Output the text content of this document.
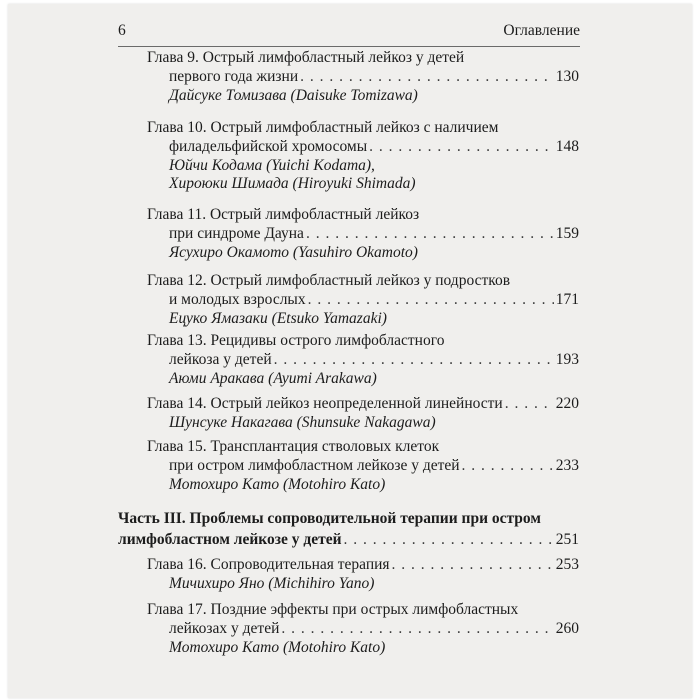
6	Оглавление
Глава 9. Острый лимфобластный лейкоз у детей
первого года жизни . . .	130
Дайсуке Томизава (Daisuke Tomizawa)
Глава 10. Острый лимфобластный лейкоз с наличием
филадельфийской хромосомы . . .	148
Юйчи Кодама (Yuichi Kodama),
Хироюки Шимада (Hiroyuki Shimada)
Глава 11. Острый лимфобластный лейкоз
при синдроме Дауна . . .	159
Ясухиро Окамото (Yasuhiro Okamoto)
Глава 12. Острый лимфобластный лейкоз у подростков
и молодых взрослых . . .	171
Ецуко Ямазаки (Etsuko Yamazaki)
Глава 13. Рецидивы острого лимфобластного
лейкоза у детей . . .	193
Аюми Аракава (Ayumi Arakawa)
Глава 14. Острый лейкоз неопределенной линейности . . .	220
Шунсуке Накагава (Shunsuke Nakagawa)
Глава 15. Трансплантация стволовых клеток
при остром лимфобластном лейкозе у детей . . .	233
Мотохиро Като (Motohiro Kato)
Часть III. Проблемы сопроводительной терапии при остром
лимфобластном лейкозе у детей . . .	251
Глава 16. Сопроводительная терапия . . .	253
Мичихиро Яно (Michihiro Yano)
Глава 17. Поздние эффекты при острых лимфобластных
лейкозах у детей . . .	260
Мотохиро Като (Motohiro Kato)
